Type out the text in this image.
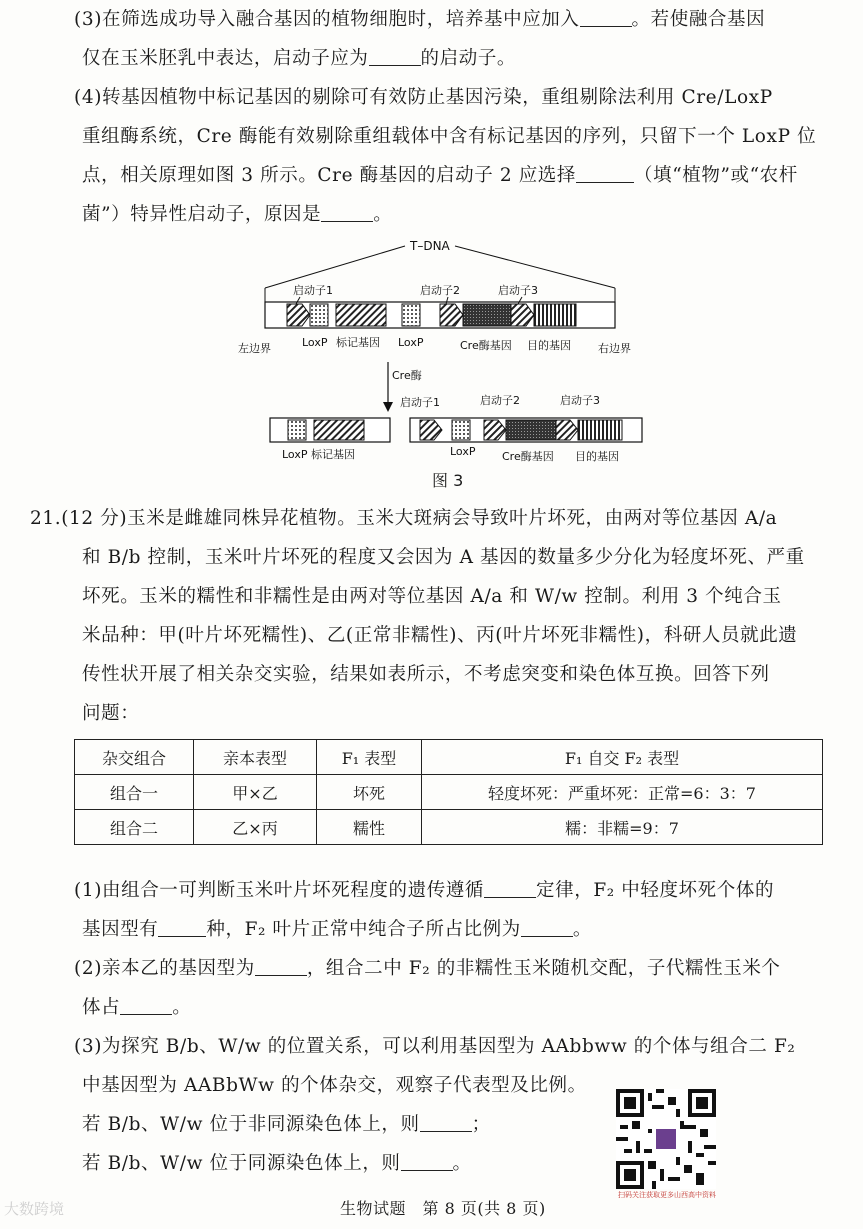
(3)在筛选成功导入融合基因的植物细胞时，培养基中应加入	。若使融合基因
仅在玉米胚乳中表达，启动子应为	的启动子。
(4)转基因植物中标记基因的剔除可有效防止基因污染，重组剔除法利用 Cre/LoxP
重组酶系统，Cre 酶能有效剔除重组载体中含有标记基因的序列，只留下一个 LoxP 位
点，相关原理如图 3 所示。Cre 酶基因的启动子 2 应选择	（填“植物”或“农杆
菌”）特异性启动子，原因是	。
T–DNA
启动子1	启动子2	启动子3
左边界	LoxP 标记基因 LoxP	Cre酶基因 目的基因 右边界
Cre酶
LoxP 标记基因
启动子1	启动子2	启动子3
LoxP Cre酶基因 目的基因
图 3
21.(12 分)玉米是雌雄同株异花植物。玉米大斑病会导致叶片坏死，由两对等位基因 A/a
和 B/b 控制，玉米叶片坏死的程度又会因为 A 基因的数量多少分化为轻度坏死、严重
坏死。玉米的糯性和非糯性是由两对等位基因 A/a 和 W/w 控制。利用 3 个纯合玉
米品种：甲(叶片坏死糯性)、乙(正常非糯性)、丙(叶片坏死非糯性)，科研人员就此遗
传性状开展了相关杂交实验，结果如表所示，不考虑突变和染色体互换。回答下列
问题：
杂交组合	亲本表型	F₁ 表型	F₁ 自交 F₂ 表型
组合一	甲×乙	坏死	轻度坏死：严重坏死：正常=6：3：7
组合二	乙×丙	糯性	糯：非糯=9：7
(1)由组合一可判断玉米叶片坏死程度的遗传遵循	定律，F₂ 中轻度坏死个体的
基因型有	种，F₂ 叶片正常中纯合子所占比例为	。
(2)亲本乙的基因型为	，组合二中 F₂ 的非糯性玉米随机交配，子代糯性玉米个
体占	。
(3)为探究 B/b、W/w 的位置关系，可以利用基因型为 AAbbww 的个体与组合二 F₂
中基因型为 AABbWw 的个体杂交，观察子代表型及比例。
若 B/b、W/w 位于非同源染色体上，则	；
若 B/b、W/w 位于同源染色体上，则	。
扫码关注获取更多山西高中资料
生物试题　第 8 页(共 8 页)
大数跨境
